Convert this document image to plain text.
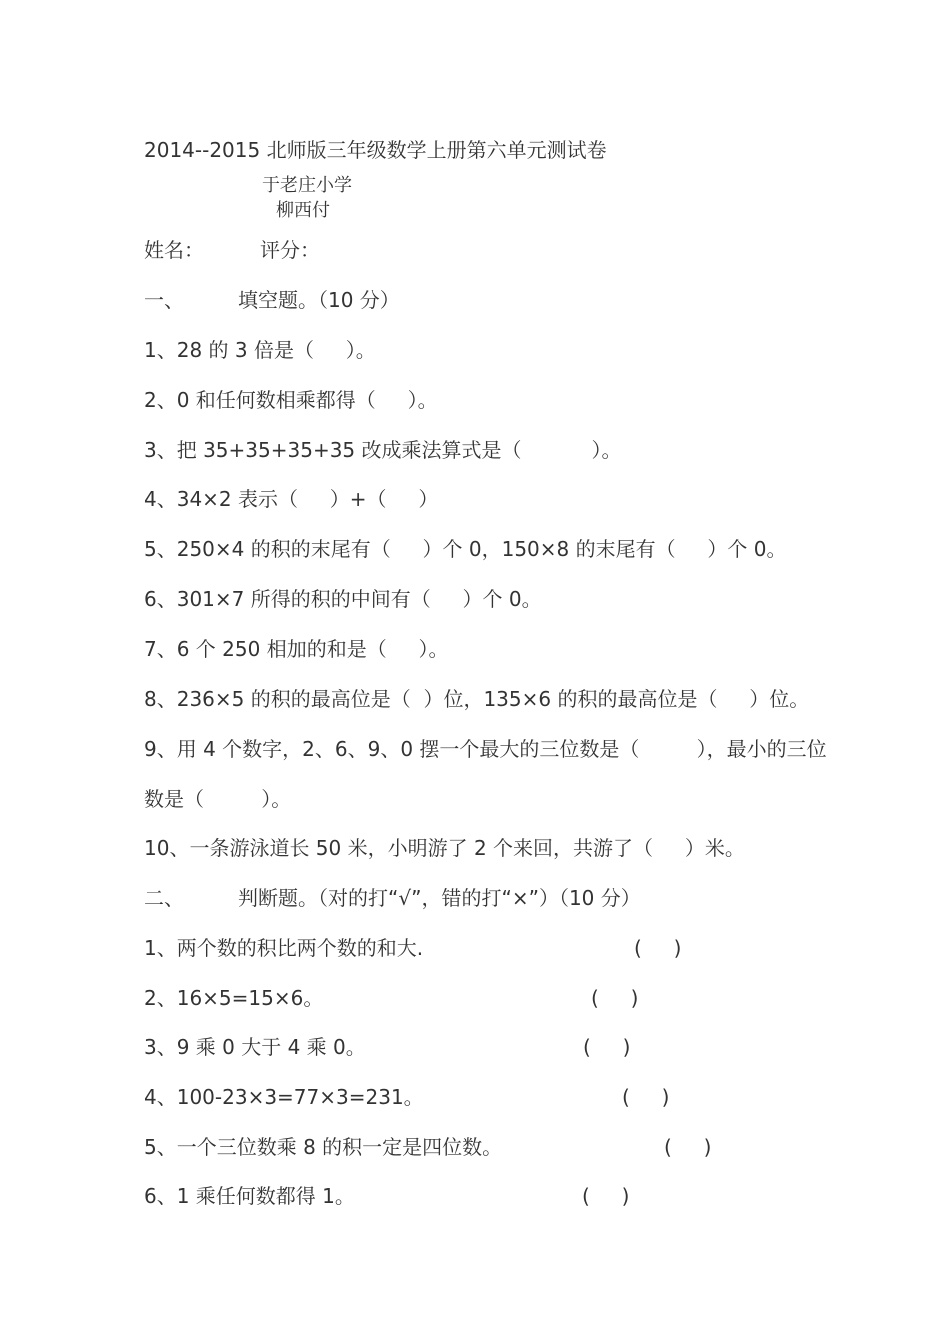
2014--2015 北师版三年级数学上册第六单元测试卷
于老庄小学
柳西付
姓名：	评分：
一、	填空题。（10 分）
1、28 的 3 倍是（     ）。
2、0 和任何数相乘都得（     ）。
3、把 35+35+35+35 改成乘法算式是（           ）。
4、34×2 表示（     ）+（     ）
5、250×4 的积的末尾有（     ）个 0，150×8 的末尾有（     ）个 0。
6、301×7 所得的积的中间有（     ）个 0。
7、6 个 250 相加的和是（     ）。
8、236×5 的积的最高位是（  ）位，135×6 的积的最高位是（     ）位。
9、用 4 个数字，2、6、9、0 摆一个最大的三位数是（         ），最小的三位
数是（         ）。
10、一条游泳道长 50 米，小明游了 2 个来回，共游了（     ）米。
二、	判断题。（对的打“√”，错的打“×”）（10 分）
1、两个数的积比两个数的和大.	(     )
2、16×5=15×6。	(     )
3、9 乘 0 大于 4 乘 0。	(     )
4、100-23×3=77×3=231。	(     )
5、一个三位数乘 8 的积一定是四位数。	(     )
6、1 乘任何数都得 1。	(     )
